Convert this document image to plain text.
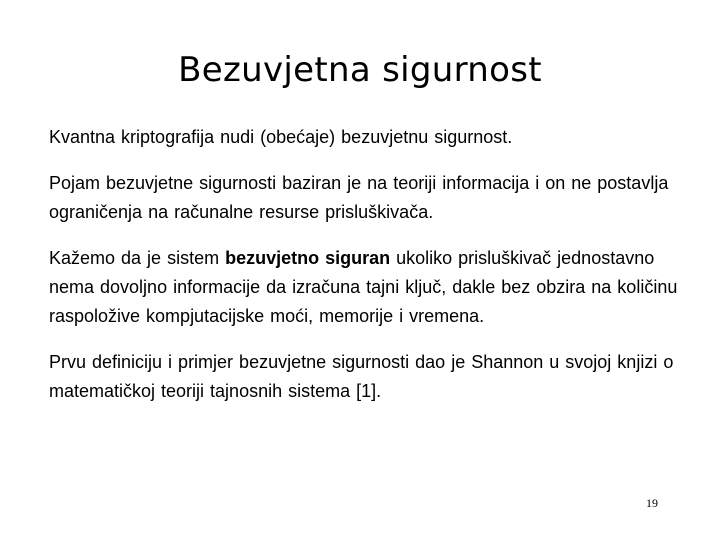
Bezuvjetna sigurnost

Kvantna kriptografija nudi (obećaje) bezuvjetnu sigurnost.

Pojam bezuvjetne sigurnosti baziran je na teoriji informacija i on ne postavlja ograničenja na računalne resurse prisluškivača.

Kažemo da je sistem bezuvjetno siguran ukoliko prisluškivač jednostavno nema dovoljno informacije da izračuna tajni ključ, dakle bez obzira na količinu raspoložive kompjutacijske moći, memorije i vremena.

Prvu definiciju i primjer bezuvjetne sigurnosti dao je Shannon u svojoj knjizi o matematičkoj teoriji tajnosnih sistema [1].

19
